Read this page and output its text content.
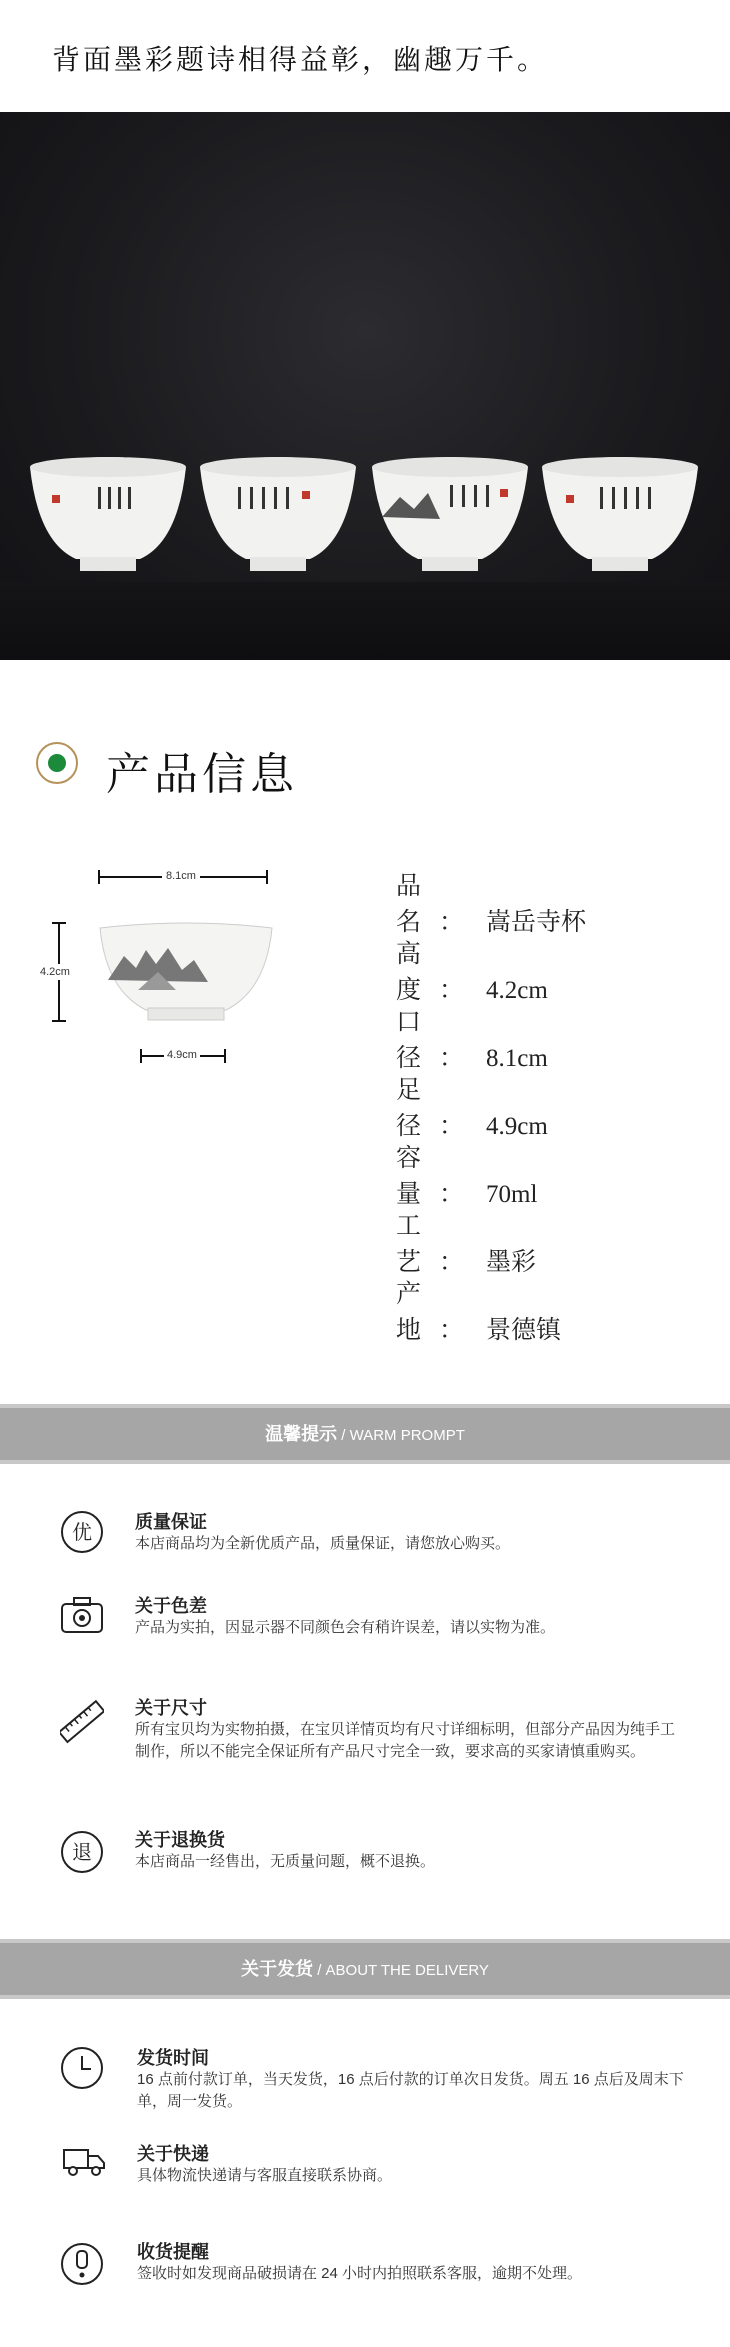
背面墨彩题诗相得益彰，幽趣万千。
产品信息
8.1cm
4.2cm
4.9cm
品名： 嵩岳寺杯
高度： 4.2cm
口径： 8.1cm
足径： 4.9cm
容量： 70ml
工艺： 墨彩
产地： 景德镇
温馨提示 / WARM PROMPT
优 质量保证
本店商品均为全新优质产品，质量保证，请您放心购买。
关于色差
产品为实拍，因显示器不同颜色会有稍许误差，请以实物为准。
关于尺寸
所有宝贝均为实物拍摄，在宝贝详情页均有尺寸详细标明，但部分产品因为纯手工制作，所以不能完全保证所有产品尺寸完全一致，要求高的买家请慎重购买。
退 关于退换货
本店商品一经售出，无质量问题，概不退换。
关于发货 / ABOUT THE DELIVERY
发货时间
16 点前付款订单，当天发货，16 点后付款的订单次日发货。周五 16 点后及周末下单，周一发货。
关于快递
具体物流快递请与客服直接联系协商。
收货提醒
签收时如发现商品破损请在 24 小时内拍照联系客服，逾期不处理。
